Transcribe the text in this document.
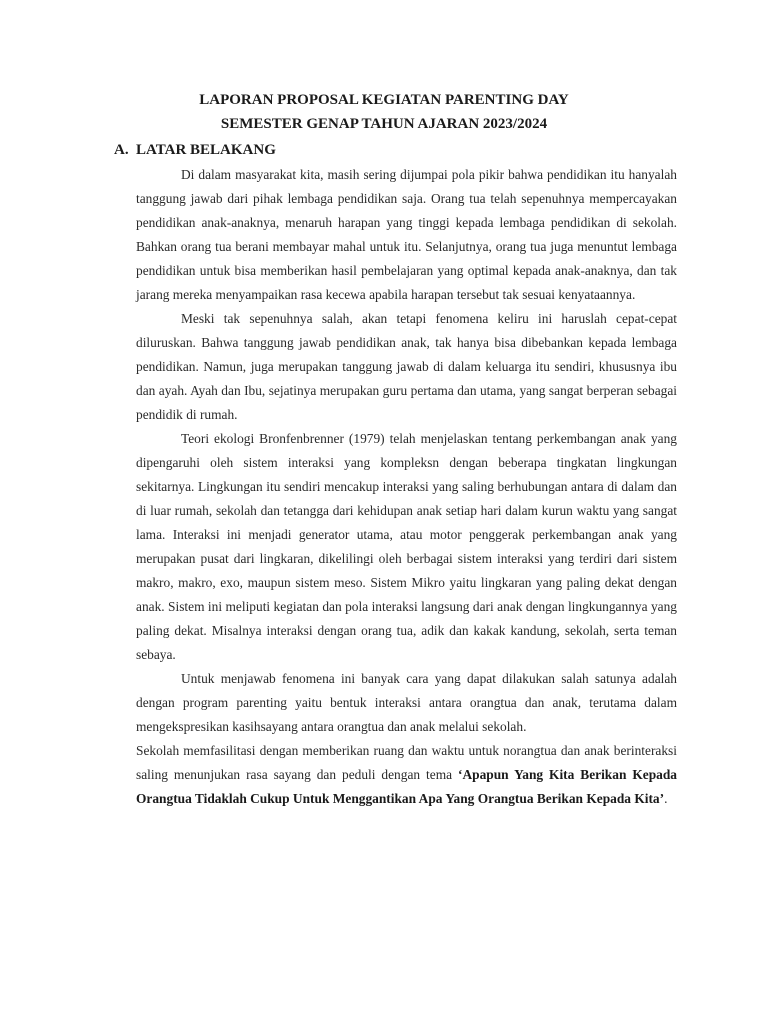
LAPORAN PROPOSAL KEGIATAN PARENTING DAY
SEMESTER GENAP TAHUN AJARAN 2023/2024
A. LATAR BELAKANG

Di dalam masyarakat kita, masih sering dijumpai pola pikir bahwa pendidikan itu hanyalah tanggung jawab dari pihak lembaga pendidikan saja. Orang tua telah sepenuhnya mempercayakan pendidikan anak-anaknya, menaruh harapan yang tinggi kepada lembaga pendidikan di sekolah. Bahkan orang tua berani membayar mahal untuk itu. Selanjutnya, orang tua juga menuntut lembaga pendidikan untuk bisa memberikan hasil pembelajaran yang optimal kepada anak-anaknya, dan tak jarang mereka menyampaikan rasa kecewa apabila harapan tersebut tak sesuai kenyataannya.

Meski tak sepenuhnya salah, akan tetapi fenomena keliru ini haruslah cepat-cepat diluruskan. Bahwa tanggung jawab pendidikan anak, tak hanya bisa dibebankan kepada lembaga pendidikan. Namun, juga merupakan tanggung jawab di dalam keluarga itu sendiri, khususnya ibu dan ayah. Ayah dan Ibu, sejatinya merupakan guru pertama dan utama, yang sangat berperan sebagai pendidik di rumah.

Teori ekologi Bronfenbrenner (1979) telah menjelaskan tentang perkembangan anak yang dipengaruhi oleh sistem interaksi yang kompleksn dengan beberapa tingkatan lingkungan sekitarnya. Lingkungan itu sendiri mencakup interaksi yang saling berhubungan antara di dalam dan di luar rumah, sekolah dan tetangga dari kehidupan anak setiap hari dalam kurun waktu yang sangat lama. Interaksi ini menjadi generator utama, atau motor penggerak perkembangan anak yang merupakan pusat dari lingkaran, dikelilingi oleh berbagai sistem interaksi yang terdiri dari sistem makro, makro, exo, maupun sistem meso. Sistem Mikro yaitu lingkaran yang paling dekat dengan anak. Sistem ini meliputi kegiatan dan pola interaksi langsung dari anak dengan lingkungannya yang paling dekat. Misalnya interaksi dengan orang tua, adik dan kakak kandung, sekolah, serta teman sebaya.

Untuk menjawab fenomena ini banyak cara yang dapat dilakukan salah satunya adalah dengan program parenting yaitu bentuk interaksi antara orangtua dan anak, terutama dalam mengekspresikan kasihsayang antara orangtua dan anak melalui sekolah.

Sekolah memfasilitasi dengan memberikan ruang dan waktu untuk norangtua dan anak berinteraksi saling menunjukan rasa sayang dan peduli dengan tema ‘Apapun Yang Kita Berikan Kepada Orangtua Tidaklah Cukup Untuk Menggantikan Apa Yang Orangtua Berikan Kepada Kita’.
